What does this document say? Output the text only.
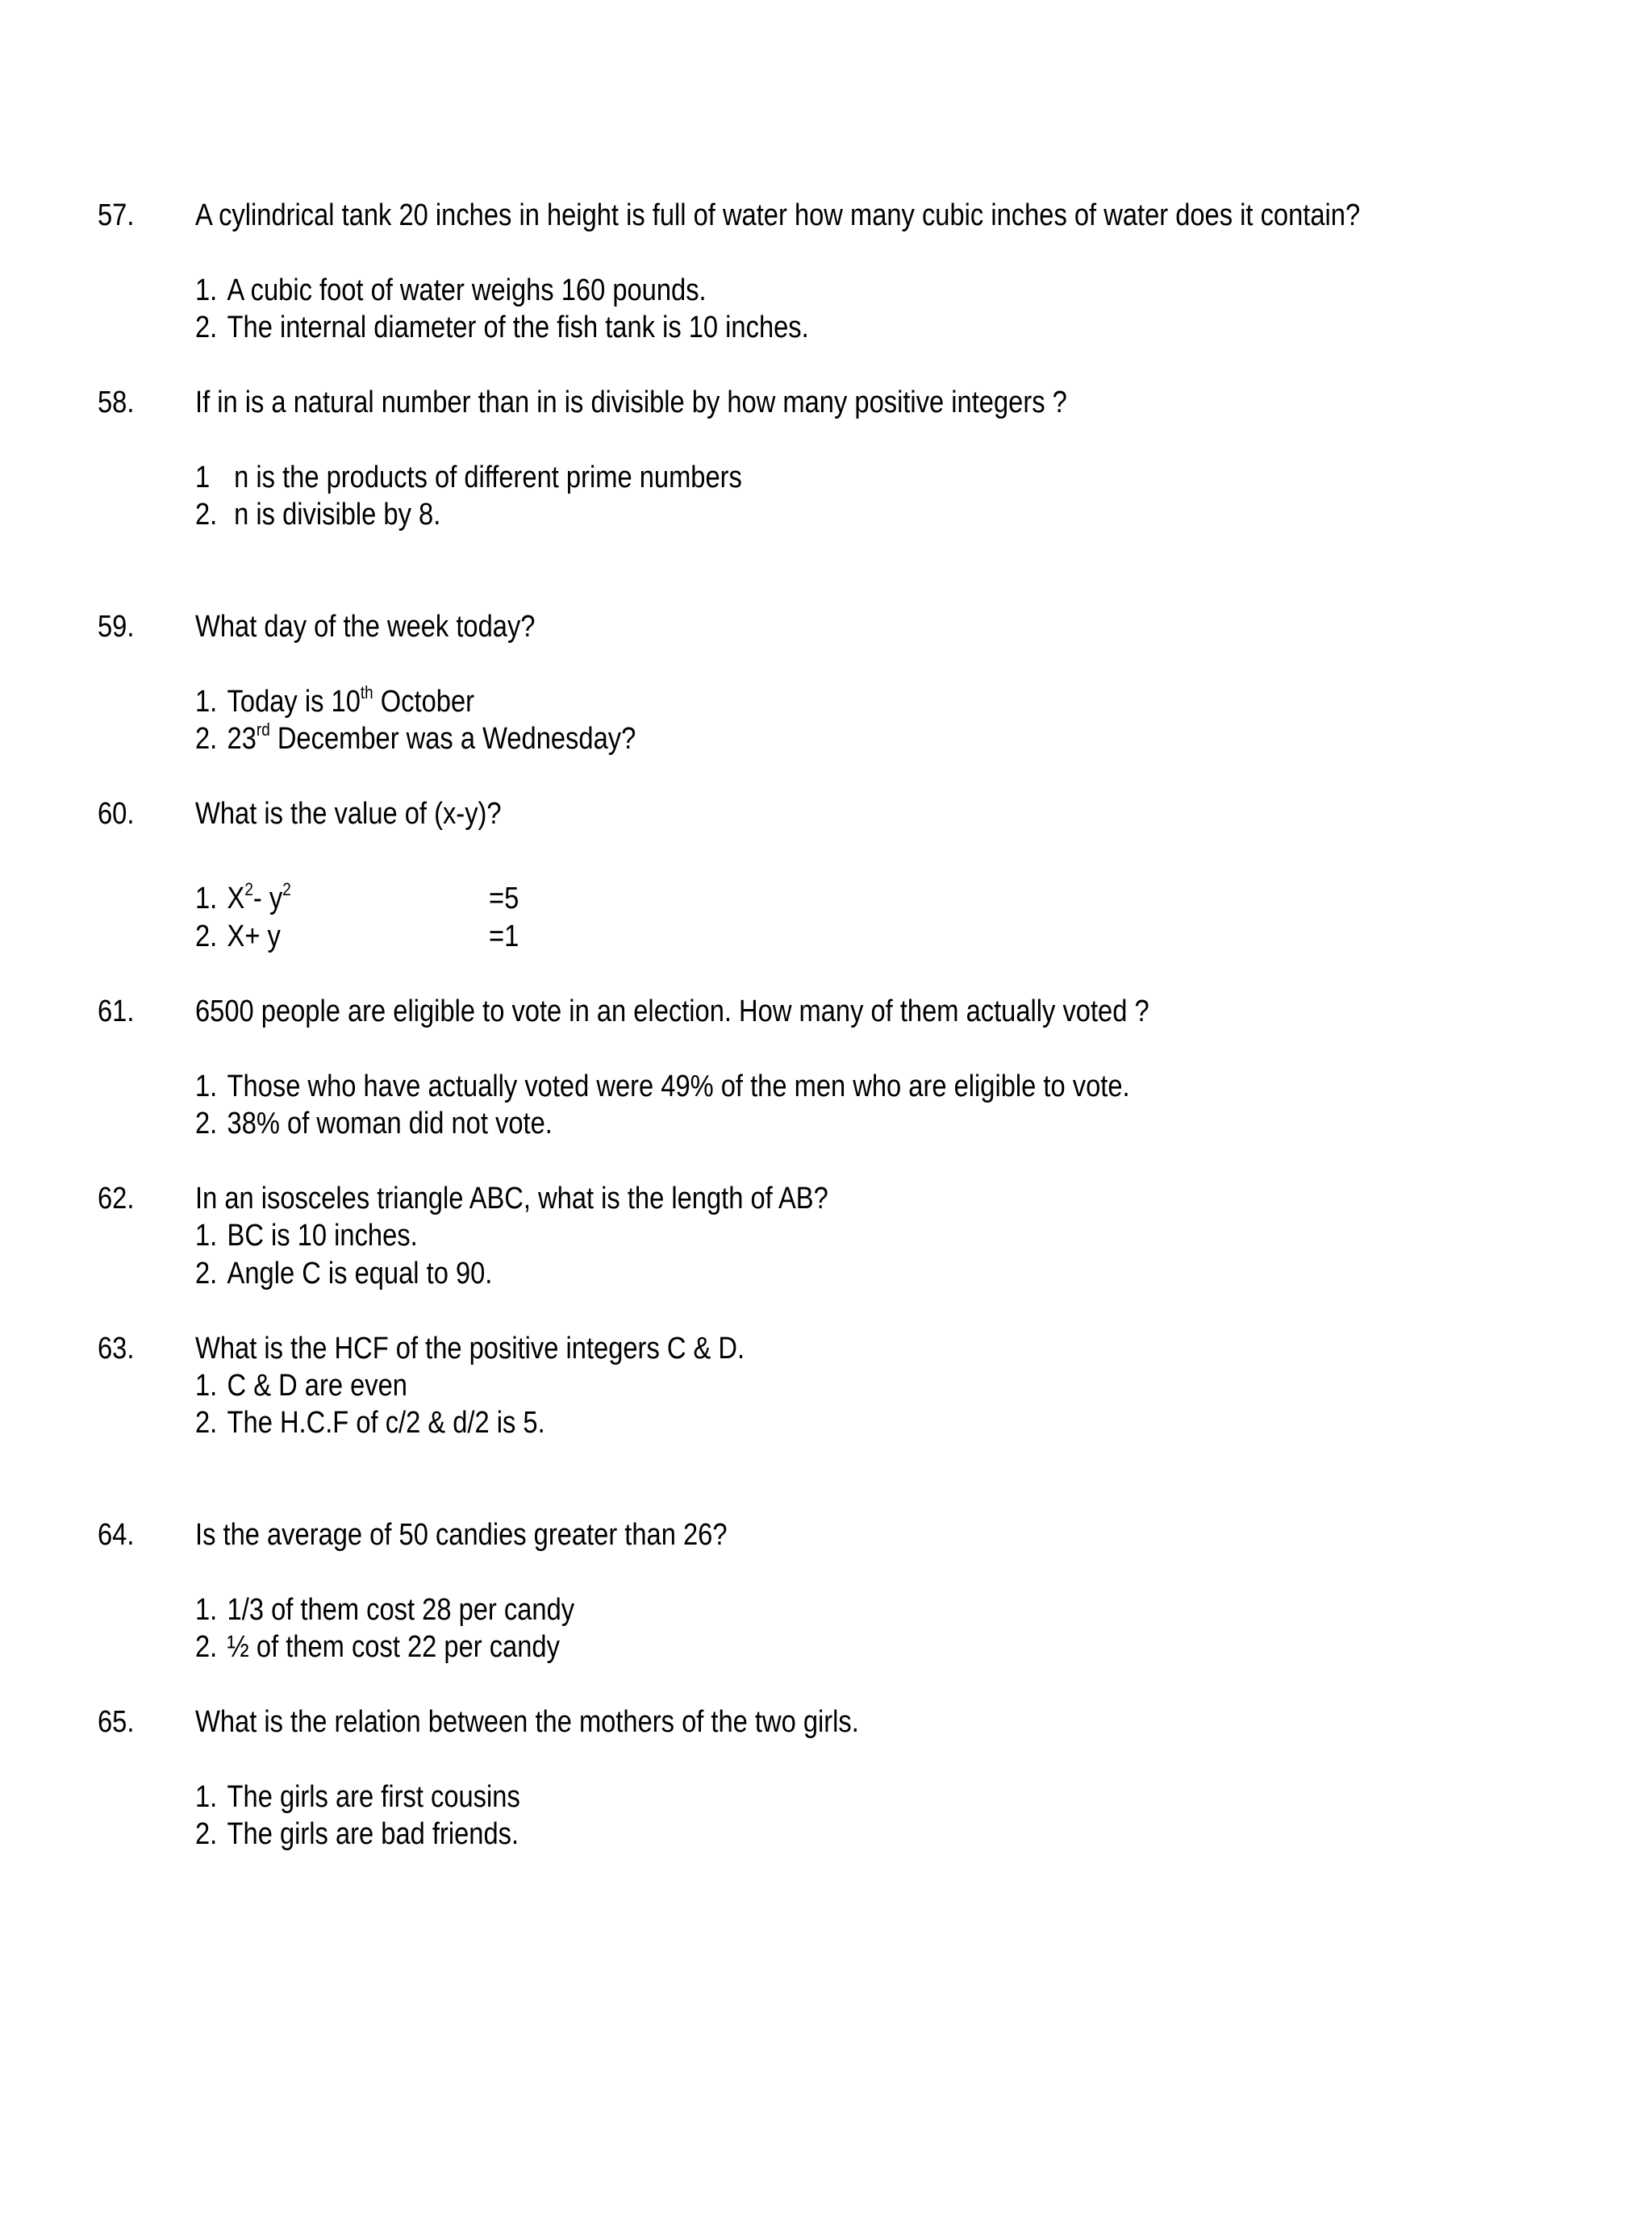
57. A cylindrical tank 20 inches in height is full of water how many cubic inches of water does it contain?
1. A cubic foot of water weighs 160 pounds.
2. The internal diameter of the fish tank is 10 inches.
58. If in is a natural number than in is divisible by how many positive integers ?
1 n is the products of different prime numbers
2. n is divisible by 8.
59. What day of the week today?
1. Today is 10th October
2. 23rd December was a Wednesday?
60. What is the value of (x-y)?
1. $X^2-$ $y^2$	=5
2. X+ y	=1
61. 6500 people are eligible to vote in an election. How many of them actually voted ?
1. Those who have actually voted were 49% of the men who are eligible to vote.
2. 38% of woman did not vote.
62. In an isosceles triangle ABC, what is the length of AB?
1. BC is 10 inches.
2. Angle C is equal to 90.
63. What is the HCF of the positive integers C & D.
1. C & D are even
2. The H.C.F of c/2 & d/2 is 5.
64. Is the average of 50 candies greater than 26?
1. 1/3 of them cost 28 per candy
2. ½ of them cost 22 per candy
65. What is the relation between the mothers of the two girls.
1. The girls are first cousins
2. The girls are bad friends.
